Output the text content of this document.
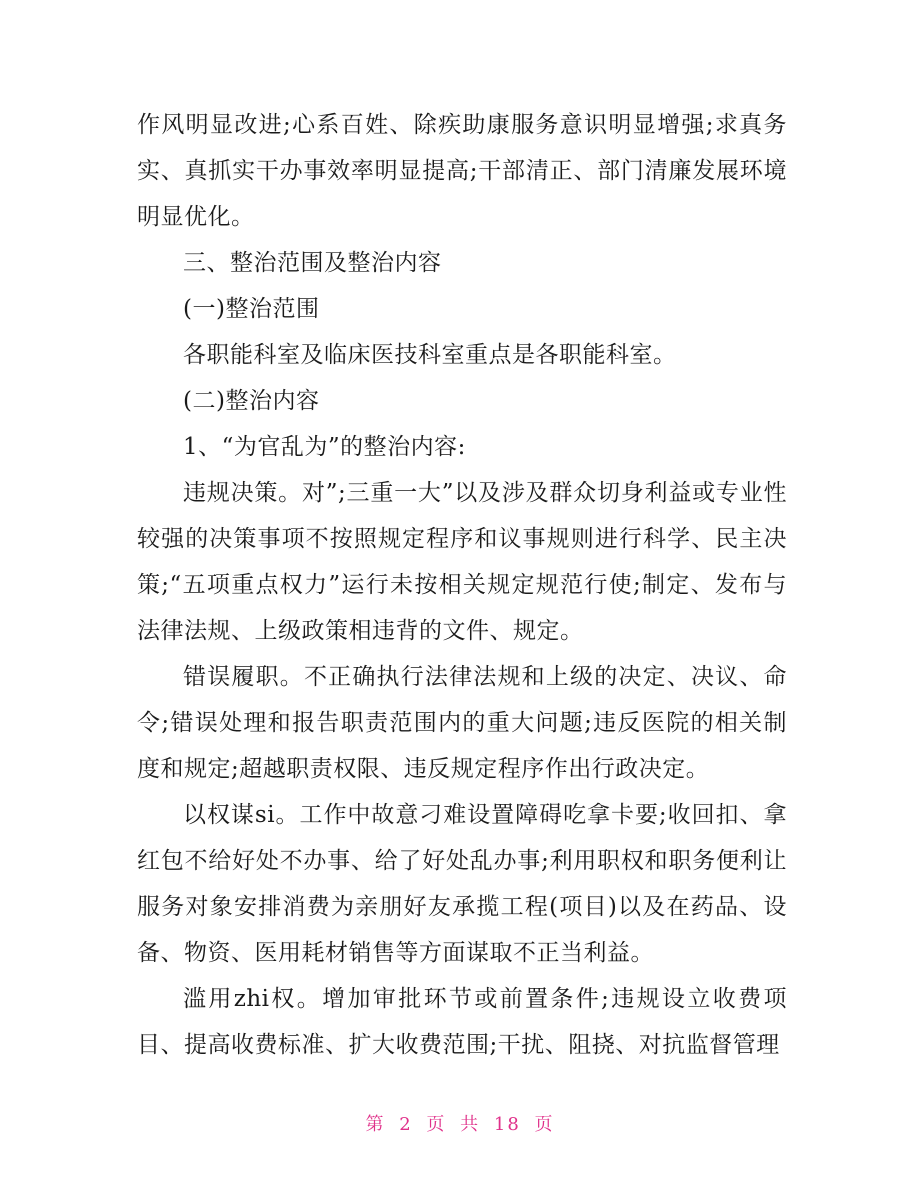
作风明显改进;心系百姓、除疾助康服务意识明显增强;求真务实、真抓实干办事效率明显提高;干部清正、部门清廉发展环境明显优化。

三、整治范围及整治内容

(一)整治范围

各职能科室及临床医技科室重点是各职能科室。

(二)整治内容

1、“为官乱为”的整治内容:

违规决策。对”;三重一大”以及涉及群众切身利益或专业性较强的决策事项不按照规定程序和议事规则进行科学、民主决策;“五项重点权力”运行未按相关规定规范行使;制定、发布与法律法规、上级政策相违背的文件、规定。

错误履职。不正确执行法律法规和上级的决定、决议、命令;错误处理和报告职责范围内的重大问题;违反医院的相关制度和规定;超越职责权限、违反规定程序作出行政决定。

以权谋si。工作中故意刁难设置障碍吃拿卡要;收回扣、拿红包不给好处不办事、给了好处乱办事;利用职权和职务便利让服务对象安排消费为亲朋好友承揽工程(项目)以及在药品、设备、物资、医用耗材销售等方面谋取不正当利益。

滥用zhi权。增加审批环节或前置条件;违规设立收费项目、提高收费标准、扩大收费范围;干扰、阻挠、对抗监督管理

第 2 页 共 18 页
